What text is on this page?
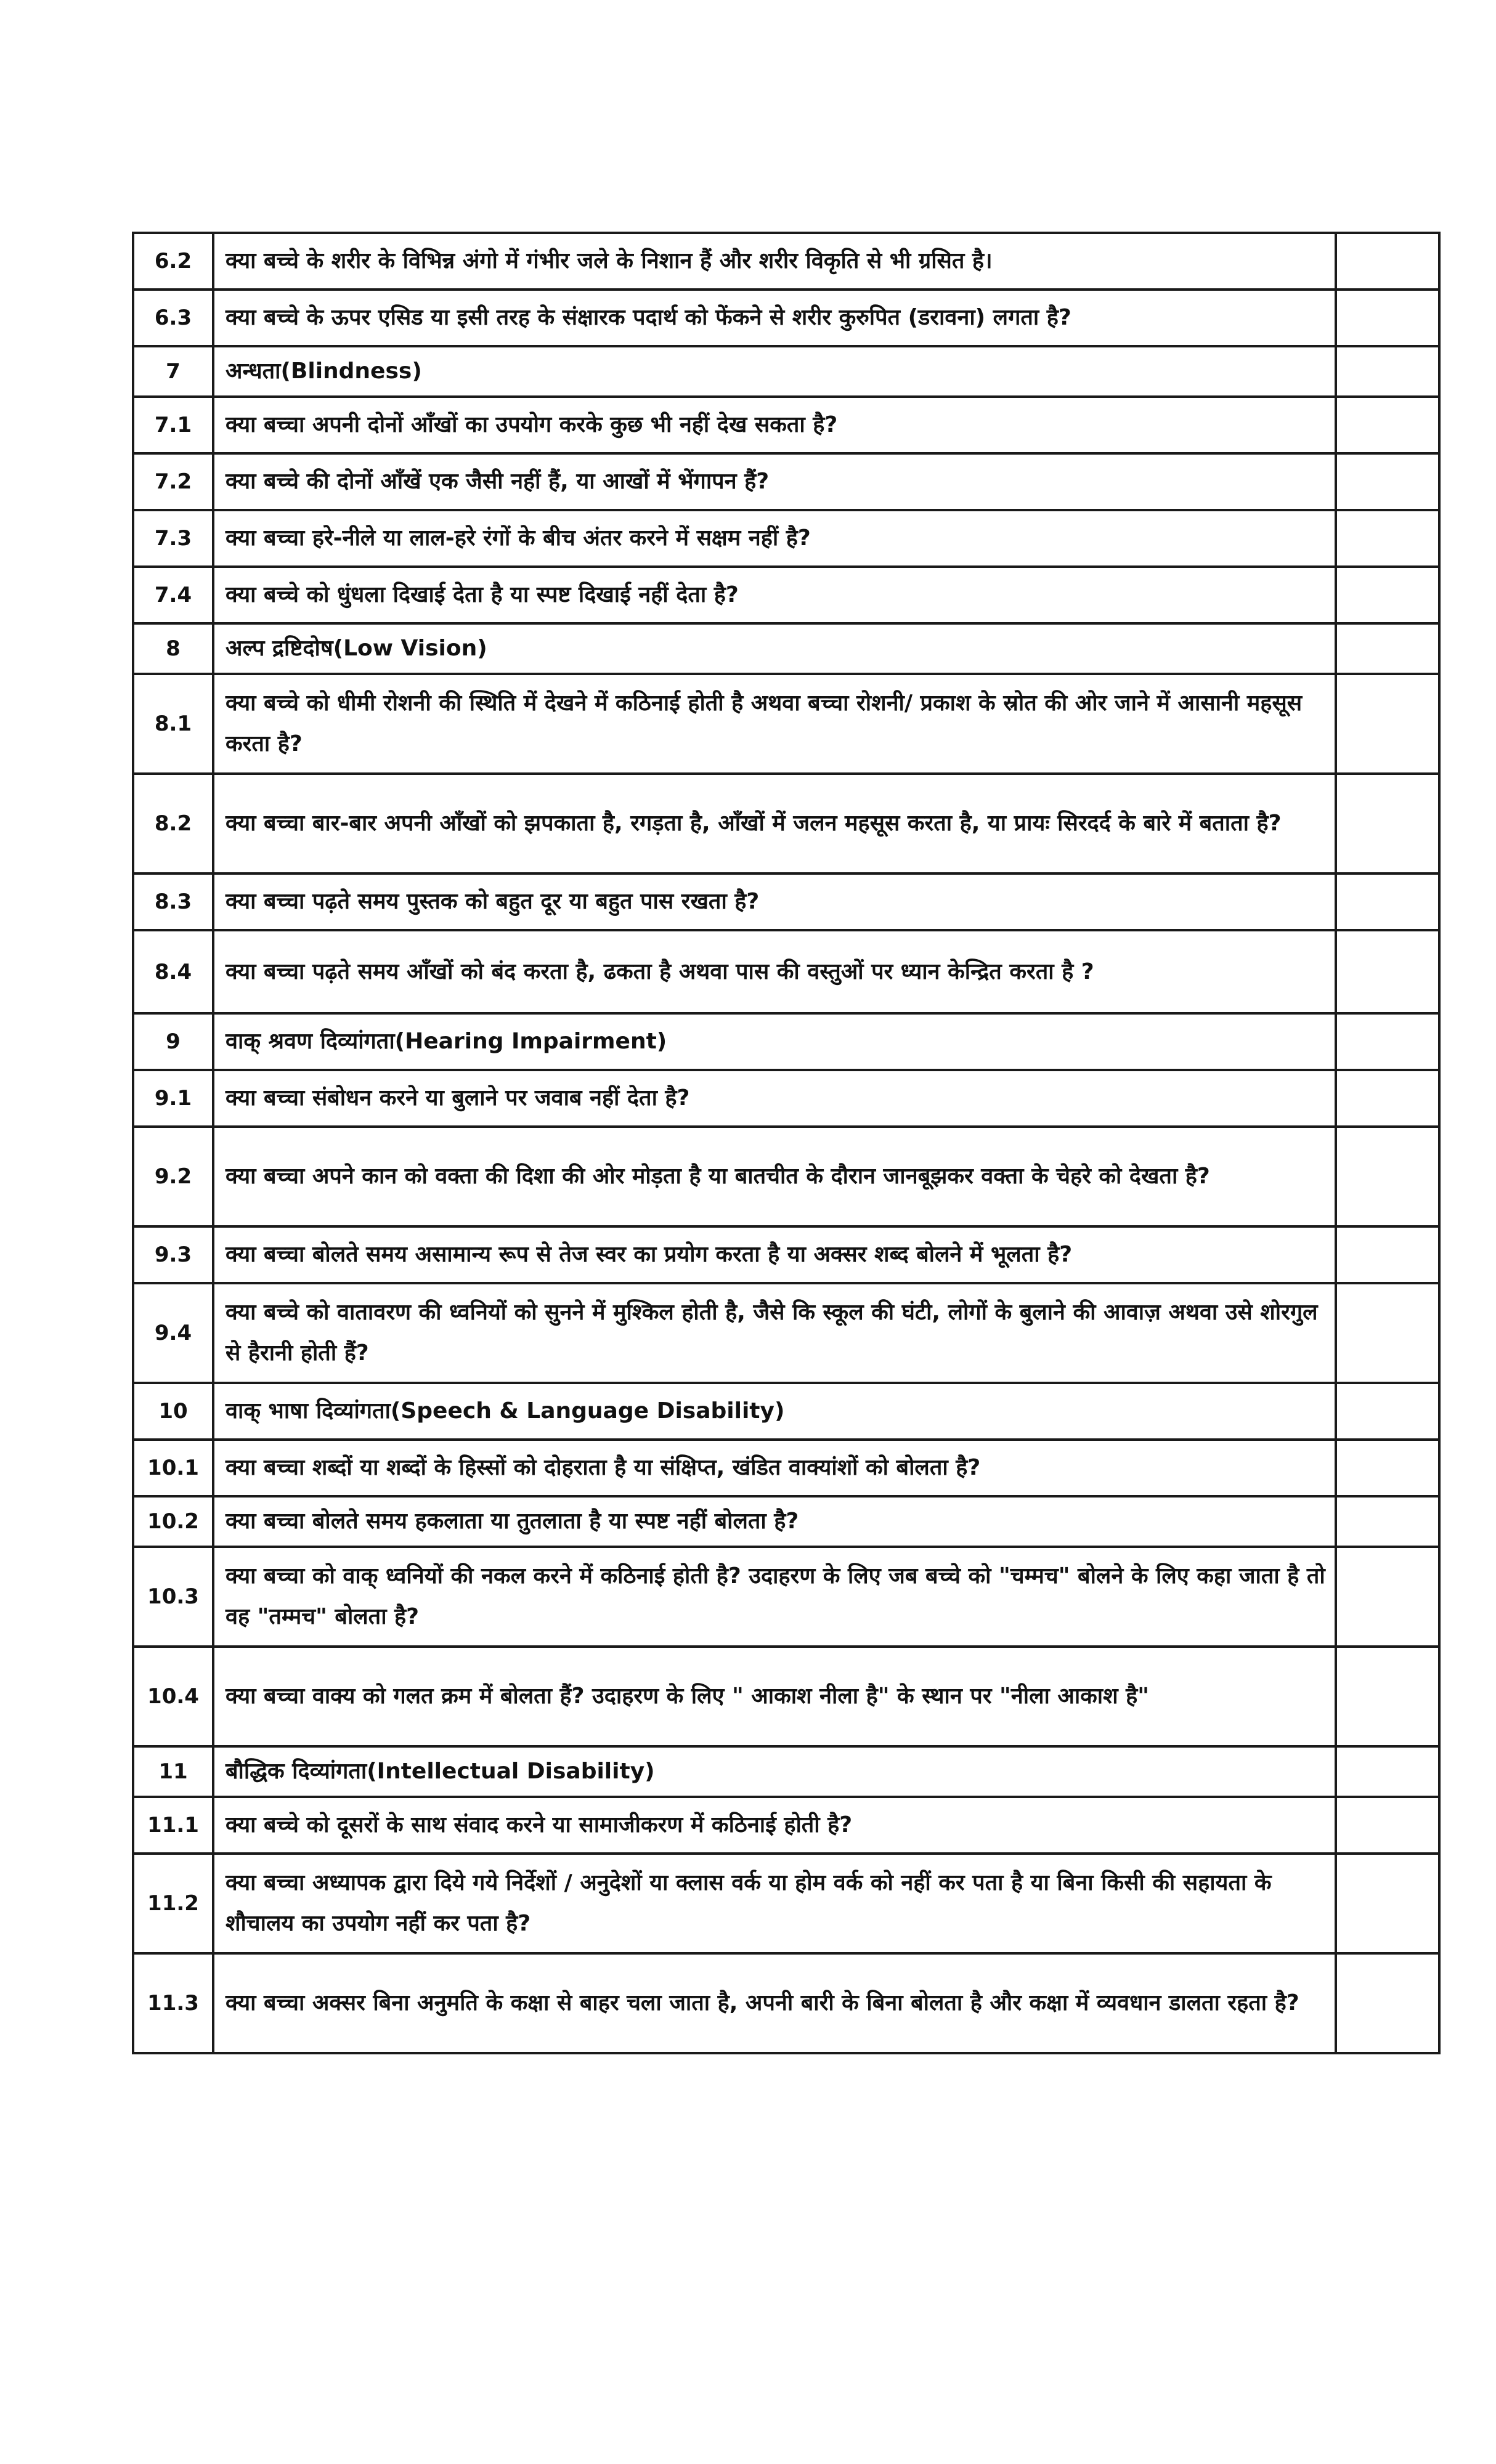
6.2	क्या बच्चे के शरीर के विभिन्न अंगो में गंभीर जले के निशान हैं और शरीर विकृति से भी ग्रसित है।	
6.3	क्या बच्चे के ऊपर एसिड या इसी तरह के संक्षारक पदार्थ को फेंकने से शरीर कुरुपित (डरावना) लगता है?	
7	अन्धता(Blindness)	
7.1	क्या बच्चा अपनी दोनों आँखों का उपयोग करके कुछ भी नहीं देख सकता है?	
7.2	क्या बच्चे की दोनों आँखें एक जैसी नहीं हैं, या आखों में भेंगापन हैं?	
7.3	क्या बच्चा हरे-नीले या लाल-हरे रंगों के बीच अंतर करने में सक्षम नहीं है?	
7.4	क्या बच्चे को धुंधला दिखाई देता है या स्पष्ट दिखाई नहीं देता है?	
8	अल्प द्रष्टिदोष(Low Vision)	
8.1	क्या बच्चे को धीमी रोशनी की स्थिति में देखने में कठिनाई होती है अथवा बच्चा रोशनी/ प्रकाश के स्रोत की ओर जाने में आसानी महसूस करता है?	
8.2	क्या बच्चा बार-बार अपनी आँखों को झपकाता है, रगड़ता है, आँखों में जलन महसूस करता है, या प्रायः सिरदर्द के बारे में बताता है?	
8.3	क्या बच्चा पढ़ते समय पुस्तक को बहुत दूर या बहुत पास रखता है?	
8.4	क्या बच्चा पढ़ते समय आँखों को बंद करता है, ढकता है अथवा पास की वस्तुओं पर ध्यान केन्द्रित करता है ?	
9	वाक् श्रवण दिव्यांगता(Hearing Impairment)	
9.1	क्या बच्चा संबोधन करने या बुलाने पर जवाब नहीं देता है?	
9.2	क्या बच्चा अपने कान को वक्ता की दिशा की ओर मोड़ता है या बातचीत के दौरान जानबूझकर वक्ता के चेहरे को देखता है?	
9.3	क्या बच्चा बोलते समय असामान्य रूप से तेज स्वर का प्रयोग करता है या अक्सर शब्द बोलने में भूलता है?	
9.4	क्या बच्चे को वातावरण की ध्वनियों को सुनने में मुश्किल होती है, जैसे कि स्कूल की घंटी, लोगों के बुलाने की आवाज़ अथवा उसे शोरगुल से हैरानी होती हैं?	
10	वाक् भाषा दिव्यांगता(Speech & Language Disability)	
10.1	क्या बच्चा शब्दों या शब्दों के हिस्सों को दोहराता है या संक्षिप्त, खंडित वाक्यांशों को बोलता है?	
10.2	क्या बच्चा बोलते समय हकलाता या तुतलाता है या स्पष्ट नहीं बोलता है?	
10.3	क्या बच्चा को वाक् ध्वनियों की नकल करने में कठिनाई होती है? उदाहरण के लिए जब बच्चे को "चम्मच" बोलने के लिए कहा जाता है तो वह "तम्मच" बोलता है?	
10.4	क्या बच्चा वाक्य को गलत क्रम में बोलता हैं? उदाहरण के लिए " आकाश नीला है" के स्थान पर "नीला आकाश है"	
11	बौद्धिक दिव्यांगता(Intellectual Disability)	
11.1	क्या बच्चे को दूसरों के साथ संवाद करने या सामाजीकरण में कठिनाई होती है?	
11.2	क्या बच्चा अध्यापक द्वारा दिये गये निर्देशों / अनुदेशों या क्लास वर्क या होम वर्क को नहीं कर पता है या बिना किसी की सहायता के शौचालय का उपयोग नहीं कर पता है?	
11.3	क्या बच्चा अक्सर बिना अनुमति के कक्षा से बाहर चला जाता है, अपनी बारी के बिना बोलता है और कक्षा में व्यवधान डालता रहता है?	
